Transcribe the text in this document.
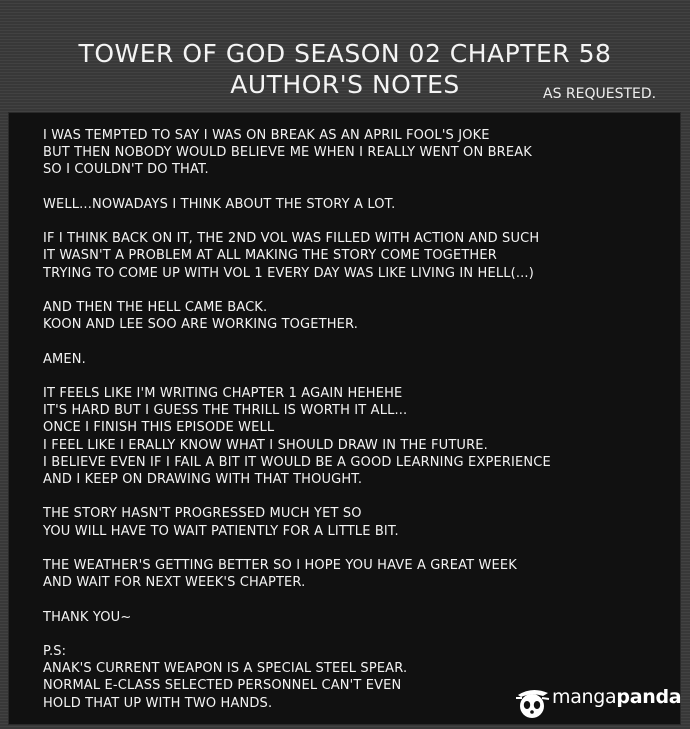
TOWER OF GOD SEASON 02 CHAPTER 58
AUTHOR'S NOTES	AS REQUESTED.
I WAS TEMPTED TO SAY I WAS ON BREAK AS AN APRIL FOOL'S JOKE
BUT THEN NOBODY WOULD BELIEVE ME WHEN I REALLY WENT ON BREAK
SO I COULDN'T DO THAT.
WELL...NOWADAYS I THINK ABOUT THE STORY A LOT.
IF I THINK BACK ON IT, THE 2ND VOL WAS FILLED WITH ACTION AND SUCH
IT WASN'T A PROBLEM AT ALL MAKING THE STORY COME TOGETHER
TRYING TO COME UP WITH VOL 1 EVERY DAY WAS LIKE LIVING IN HELL(...)
AND THEN THE HELL CAME BACK.
KOON AND LEE SOO ARE WORKING TOGETHER.
AMEN.
IT FEELS LIKE I'M WRITING CHAPTER 1 AGAIN HEHEHE
IT'S HARD BUT I GUESS THE THRILL IS WORTH IT ALL...
ONCE I FINISH THIS EPISODE WELL
I FEEL LIKE I ERALLY KNOW WHAT I SHOULD DRAW IN THE FUTURE.
I BELIEVE EVEN IF I FAIL A BIT IT WOULD BE A GOOD LEARNING EXPERIENCE
AND I KEEP ON DRAWING WITH THAT THOUGHT.
THE STORY HASN'T PROGRESSED MUCH YET SO
YOU WILL HAVE TO WAIT PATIENTLY FOR A LITTLE BIT.
THE WEATHER'S GETTING BETTER SO I HOPE YOU HAVE A GREAT WEEK
AND WAIT FOR NEXT WEEK'S CHAPTER.
THANK YOU~
P.S:
ANAK'S CURRENT WEAPON IS A SPECIAL STEEL SPEAR.
NORMAL E-CLASS SELECTED PERSONNEL CAN'T EVEN
HOLD THAT UP WITH TWO HANDS.	mangapanda
